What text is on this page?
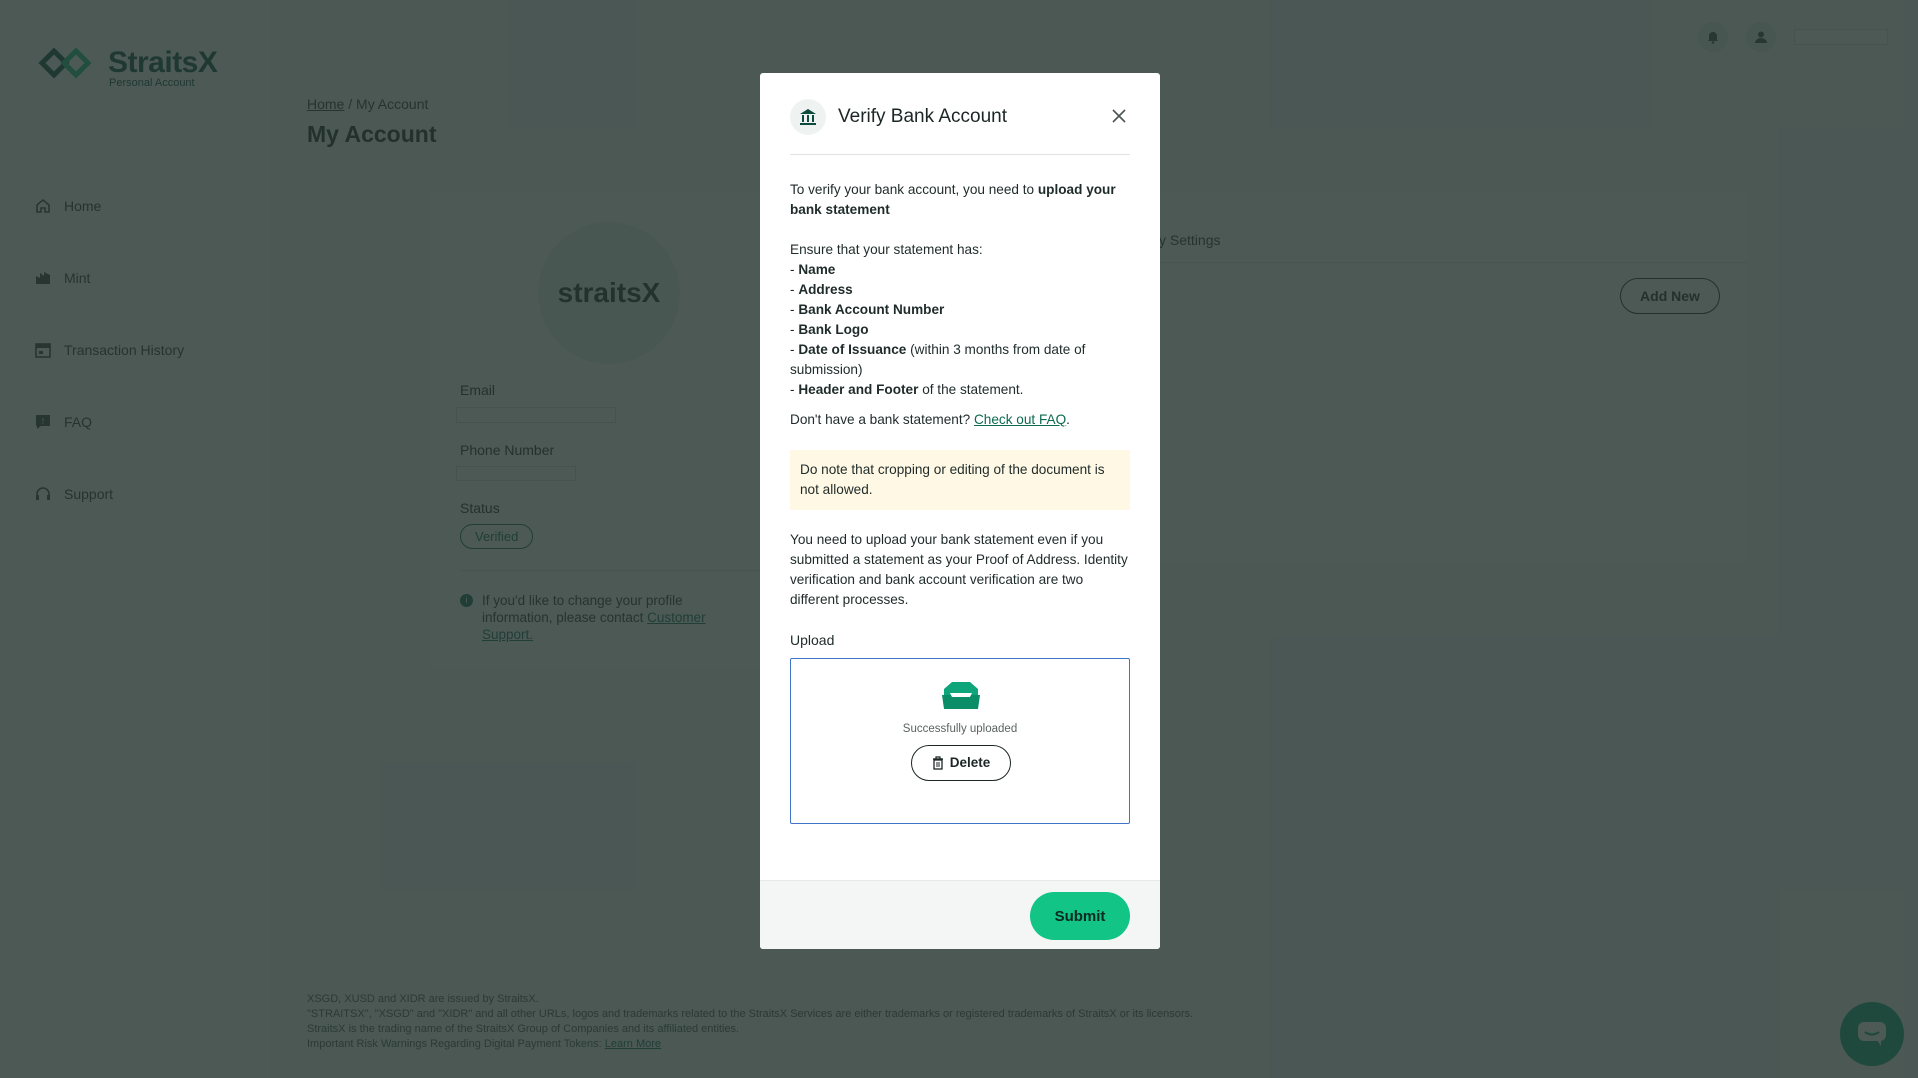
Verify Bank Account

To verify your bank account, you need to upload your bank statement

Ensure that your statement has:
- Name
- Address
- Bank Account Number
- Bank Logo
- Date of Issuance (within 3 months from date of submission)
- Header and Footer of the statement.
Don't have a bank statement? Check out FAQ.
Do note that cropping or editing of the document is not allowed.
You need to upload your bank statement even if you submitted a statement as your Proof of Address. Identity verification and bank account verification are two different processes.
Upload
Successfully uploaded
Delete
Submit
